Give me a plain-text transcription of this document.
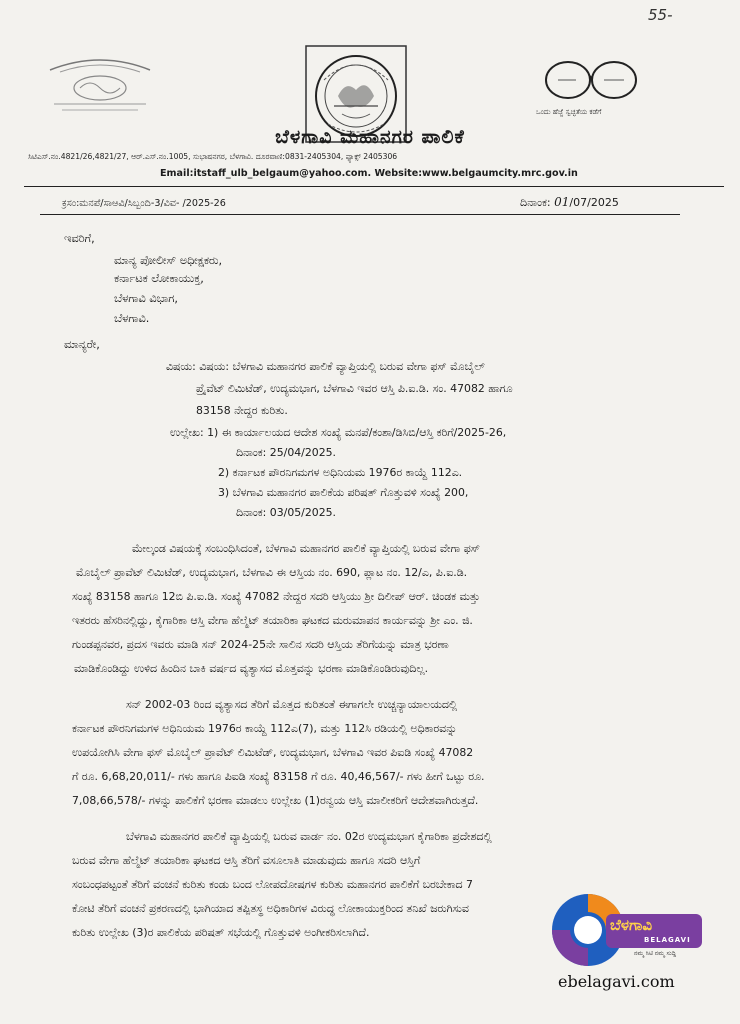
55-
ಒಂದು ಹೆಜ್ಜೆ ಸ್ವಚ್ಛತೆಯ ಕಡೆಗೆ
ಬೆಳಗಾವಿ ಮಹಾನಗರ ಪಾಲಿಕೆ
ಸಿಟಿಎಸ್.ನಂ.4821/26,4821/27, ಆರ್.ಎಸ್.ನಂ.1005, ಸುಭಾಷನಗರ, ಬೆಳಗಾವಿ. ದೂರವಾಣಿ:0831-2405304, ಫ್ಯಾಕ್ಸ್ 2405306
Email:itstaff_ulb_belgaum@yahoo.com. Website:www.belgaumcity.mrc.gov.in
ಕ್ರಸಂ:ಮನಪೆ/ಸಾಆವಿ/ಸಿಬ್ಬಂದಿ-3/ವಿವ- /2025-26	ದಿನಾಂಕ: 01/07/2025
ಇವರಿಗೆ,
ಮಾನ್ಯ ಪೋಲೀಸ್ ಅಧೀಕ್ಷಕರು,
ಕರ್ನಾಟಕ ಲೋಕಾಯುಕ್ತ,
ಬೆಳಗಾವಿ ವಿಭಾಗ,
ಬೆಳಗಾವಿ.
ಮಾನ್ಯರೇ,
ವಿಷಯ: ವಿಷಯ: ಬೆಳಗಾವಿ ಮಹಾನಗರ ಪಾಲಿಕೆ ವ್ಯಾಪ್ತಿಯಲ್ಲಿ ಬರುವ ವೇಗಾ ಫಸ್ ಮೊಬೈಲ್
ಪ್ರೈವೆಟ್ ಲಿಮಿಟೆಡ್, ಉದ್ಯಮಭಾಗ, ಬೆಳಗಾವಿ ಇವರ ಆಸ್ತಿ ಪಿ.ಐ.ಡಿ. ಸಂ. 47082 ಹಾಗೂ
83158 ನೇದ್ದರ ಕುರಿತು.
ಉಲ್ಲೇಖ: 1) ಈ ಕಾರ್ಯಾಲಯದ ಆದೇಶ ಸಂಖ್ಯೆ ಮನಪೆ/ಕಂಶಾ/ಡಿಸಿಬಿ/ಆಸ್ತಿ ಕರಿಗೆ/2025-26,
ದಿನಾಂಕ: 25/04/2025.
2) ಕರ್ನಾಟಕ ಪೌರನಿಗಮಗಳ ಅಧಿನಿಯಮ 1976ರ ಕಾಯ್ದೆ 112ಎ.
3) ಬೆಳಗಾವಿ ಮಹಾನಗರ ಪಾಲಿಕೆಯ ಪರಿಷತ್ ಗೊತ್ತುವಳಿ ಸಂಖ್ಯೆ 200,
ದಿನಾಂಕ: 03/05/2025.
ಮೇಲ್ಕಂಡ ವಿಷಯಕ್ಕೆ ಸಂಬಂಧಿಸಿದಂತೆ, ಬೆಳಗಾವಿ ಮಹಾನಗರ ಪಾಲಿಕೆ ವ್ಯಾಪ್ತಿಯಲ್ಲಿ ಬರುವ ವೇಗಾ ಫಸ್
ಮೊಬೈಲ್ ಪ್ರಾವೆಟ್ ಲಿಮಿಟೆಡ್, ಉದ್ಯಮಭಾಗ, ಬೆಳಗಾವಿ ಈ ಆಸ್ತಿಯ ನಂ. 690, ಪ್ಲಾಟ ನಂ. 12/ಎ, ಪಿ.ಐ.ಡಿ.
ಸಂಖ್ಯೆ 83158 ಹಾಗೂ 12ಬಿ ಪಿ.ಐ.ಡಿ. ಸಂಖ್ಯೆ 47082 ನೇದ್ದರ ಸದರಿ ಆಸ್ತಿಯು ಶ್ರೀ ದಿಲೀಪ್ ಆರ್. ಚಿಂಡಕ ಮತ್ತು
ಇತರರು ಹೆಸರಿನಲ್ಲಿದ್ದು, ಕೈಗಾರಿಕಾ ಆಸ್ತಿ ವೇಗಾ ಹೆಲ್ಮೆಟ್ ತಯಾರಿಕಾ ಘಟಕದ ಮರುಮಾಪನ ಕಾರ್ಯವನ್ನು ಶ್ರೀ ಎಂ. ಜಿ.
ಗುಂಡಪ್ಪನವರ, ಪ್ರದಸ ಇವರು ಮಾಡಿ ಸನ್ 2024-25ನೇ ಸಾಲಿನ ಸದರಿ ಆಸ್ತಿಯ ತೆರಿಗೆಯನ್ನು ಮಾತ್ರ ಭರಣಾ
ಮಾಡಿಕೊಂಡಿದ್ದು ಉಳಿದ ಹಿಂದಿನ ಬಾಕಿ ವರ್ಷದ ವ್ಯತ್ಯಾಸದ ಮೊತ್ತವನ್ನು ಭರಣಾ ಮಾಡಿಕೊಂಡಿರುವುದಿಲ್ಲ.
ಸನ್ 2002-03 ರಿಂದ ವ್ಯತ್ಯಾಸದ ತೆರಿಗೆ ಮೊತ್ತದ ಕುರಿತಂತೆ ಈಗಾಗಲೇ ಉಚ್ಚನ್ಯಾಯಾಲಯದಲ್ಲಿ
ಕರ್ನಾಟಕ ಪೌರನಿಗಮಗಳ ಅಧಿನಿಯಮ 1976ರ ಕಾಯ್ದೆ 112ಎ(7), ಮತ್ತು 112ಸಿ ರಡಿಯಲ್ಲಿ ಅಧಿಕಾರವನ್ನು
ಉಪಯೋಗಿಸಿ ವೇಗಾ ಫಸ್ ಮೊಬೈಲ್ ಪ್ರಾವೆಟ್ ಲಿಮಿಟೆಡ್, ಉದ್ಯಮಭಾಗ, ಬೆಳಗಾವಿ ಇವರ ಪಿಐಡಿ ಸಂಖ್ಯೆ 47082
ಗೆ ರೂ. 6,68,20,011/- ಗಳು ಹಾಗೂ ಪಿಐಡಿ ಸಂಖ್ಯೆ 83158 ಗೆ ರೂ. 40,46,567/- ಗಳು ಹೀಗೆ ಒಟ್ಟು ರೂ.
7,08,66,578/- ಗಳನ್ನು ಪಾಲಿಕೆಗೆ ಭರಣಾ ಮಾಡಲು ಉಲ್ಲೇಖ (1)ರನ್ವಯ ಆಸ್ತಿ ಮಾಲೀಕರಿಗೆ ಆದೇಶವಾಗಿರುತ್ತದೆ.
ಬೆಳಗಾವಿ ಮಹಾನಗರ ಪಾಲಿಕೆ ವ್ಯಾಪ್ತಿಯಲ್ಲಿ ಬರುವ ವಾರ್ಡ ನಂ. 02ರ ಉದ್ಯಮಭಾಗ ಕೈಗಾರಿಕಾ ಪ್ರದೇಶದಲ್ಲಿ
ಬರುವ ವೇಗಾ ಹೆಲ್ಮೆಟ್ ತಯಾರಿಕಾ ಘಟಕದ ಆಸ್ತಿ ತೆರಿಗೆ ವಸೂಲಾತಿ ಮಾಡುವುದು ಹಾಗೂ ಸದರಿ ಆಸ್ತಿಗೆ
ಸಂಬಂಧಪಟ್ಟಂತೆ ತೆರಿಗೆ ವಂಚನೆ ಕುರಿತು ಕಂಡು ಬಂದ ಲೋಪದೋಷಗಳ ಕುರಿತು ಮಹಾನಗರ ಪಾಲಿಕೆಗೆ ಬರಬೇಕಾದ 7
ಕೋಟಿ ತೆರಿಗೆ ವಂಚನೆ ಪ್ರಕರಣದಲ್ಲಿ ಭಾಗಿಯಾದ ತಪ್ಪಿತಸ್ಥ ಅಧಿಕಾರಿಗಳ ವಿರುದ್ಧ ಲೋಕಾಯುಕ್ತರಿಂದ ತನಿಖೆ ಜರುಗಿಸುವ
ಕುರಿತು ಉಲ್ಲೇಖ (3)ರ ಪಾಲಿಕೆಯ ಪರಿಷತ್ ಸಭೆಯಲ್ಲಿ ಗೊತ್ತುವಳಿ ಅಂಗೀಕರಿಸಲಾಗಿದೆ.	ಬೆಳಗಾವಿ
BELAGAVI
ನಮ್ಮ ಸಿಟಿ ನಮ್ಮ ಸುದ್ದಿ
ebelagavi.com
